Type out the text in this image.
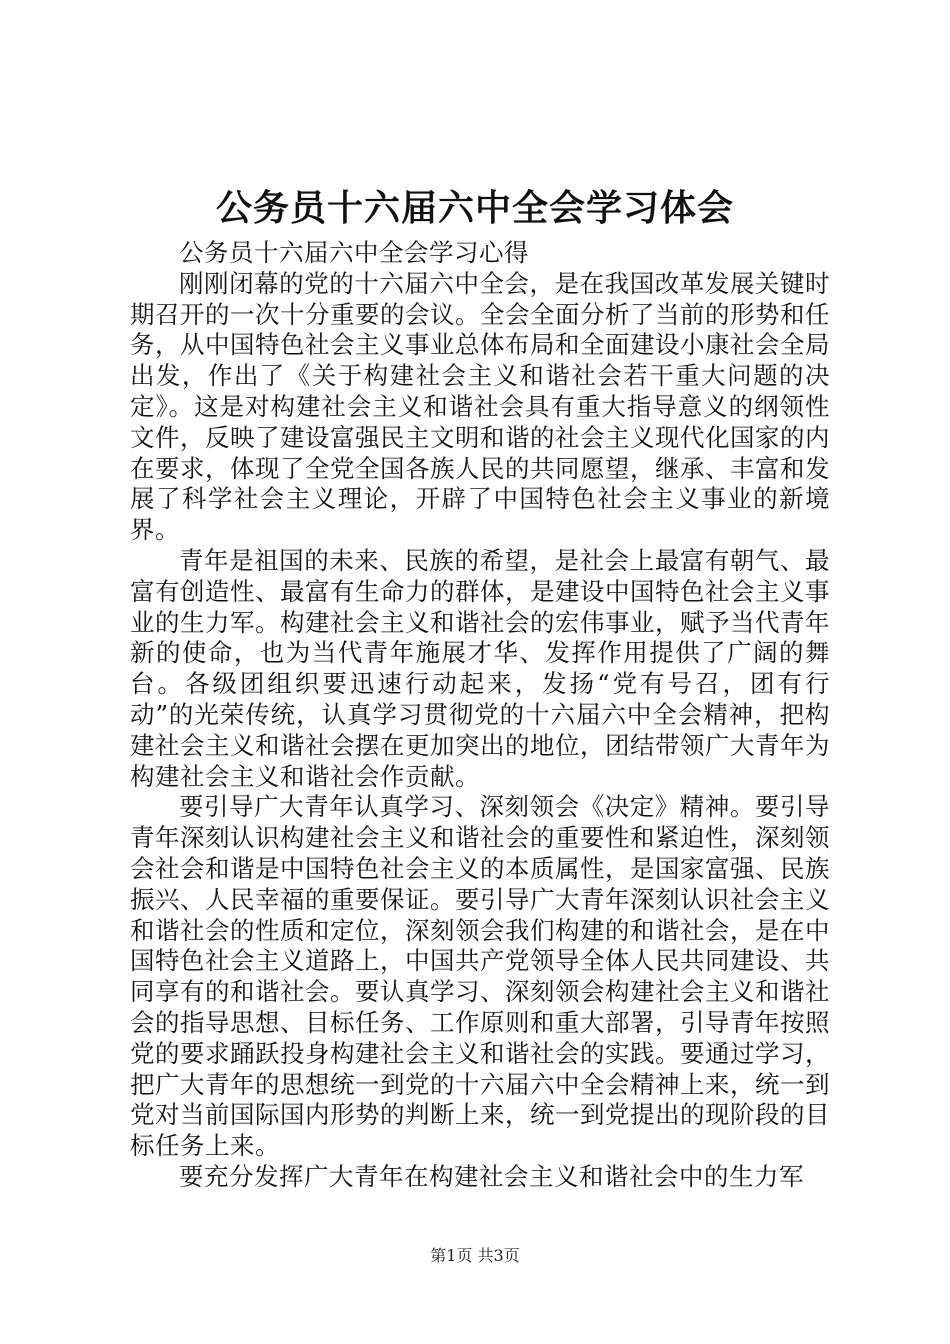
公务员十六届六中全会学习体会

公务员十六届六中全会学习心得

刚刚闭幕的党的十六届六中全会，是在我国改革发展关键时期召开的一次十分重要的会议。全会全面分析了当前的形势和任务，从中国特色社会主义事业总体布局和全面建设小康社会全局出发，作出了《关于构建社会主义和谐社会若干重大问题的决定》。这是对构建社会主义和谐社会具有重大指导意义的纲领性文件，反映了建设富强民主文明和谐的社会主义现代化国家的内在要求，体现了全党全国各族人民的共同愿望，继承、丰富和发展了科学社会主义理论，开辟了中国特色社会主义事业的新境界。

青年是祖国的未来、民族的希望，是社会上最富有朝气、最富有创造性、最富有生命力的群体，是建设中国特色社会主义事业的生力军。构建社会主义和谐社会的宏伟事业，赋予当代青年新的使命，也为当代青年施展才华、发挥作用提供了广阔的舞台。各级团组织要迅速行动起来，发扬“党有号召，团有行动”的光荣传统，认真学习贯彻党的十六届六中全会精神，把构建社会主义和谐社会摆在更加突出的地位，团结带领广大青年为构建社会主义和谐社会作贡献。

要引导广大青年认真学习、深刻领会《决定》精神。要引导青年深刻认识构建社会主义和谐社会的重要性和紧迫性，深刻领会社会和谐是中国特色社会主义的本质属性，是国家富强、民族振兴、人民幸福的重要保证。要引导广大青年深刻认识社会主义和谐社会的性质和定位，深刻领会我们构建的和谐社会，是在中国特色社会主义道路上，中国共产党领导全体人民共同建设、共同享有的和谐社会。要认真学习、深刻领会构建社会主义和谐社会的指导思想、目标任务、工作原则和重大部署，引导青年按照党的要求踊跃投身构建社会主义和谐社会的实践。要通过学习，把广大青年的思想统一到党的十六届六中全会精神上来，统一到党对当前国际国内形势的判断上来，统一到党提出的现阶段的目标任务上来。

要充分发挥广大青年在构建社会主义和谐社会中的生力军

第1页 共3页
